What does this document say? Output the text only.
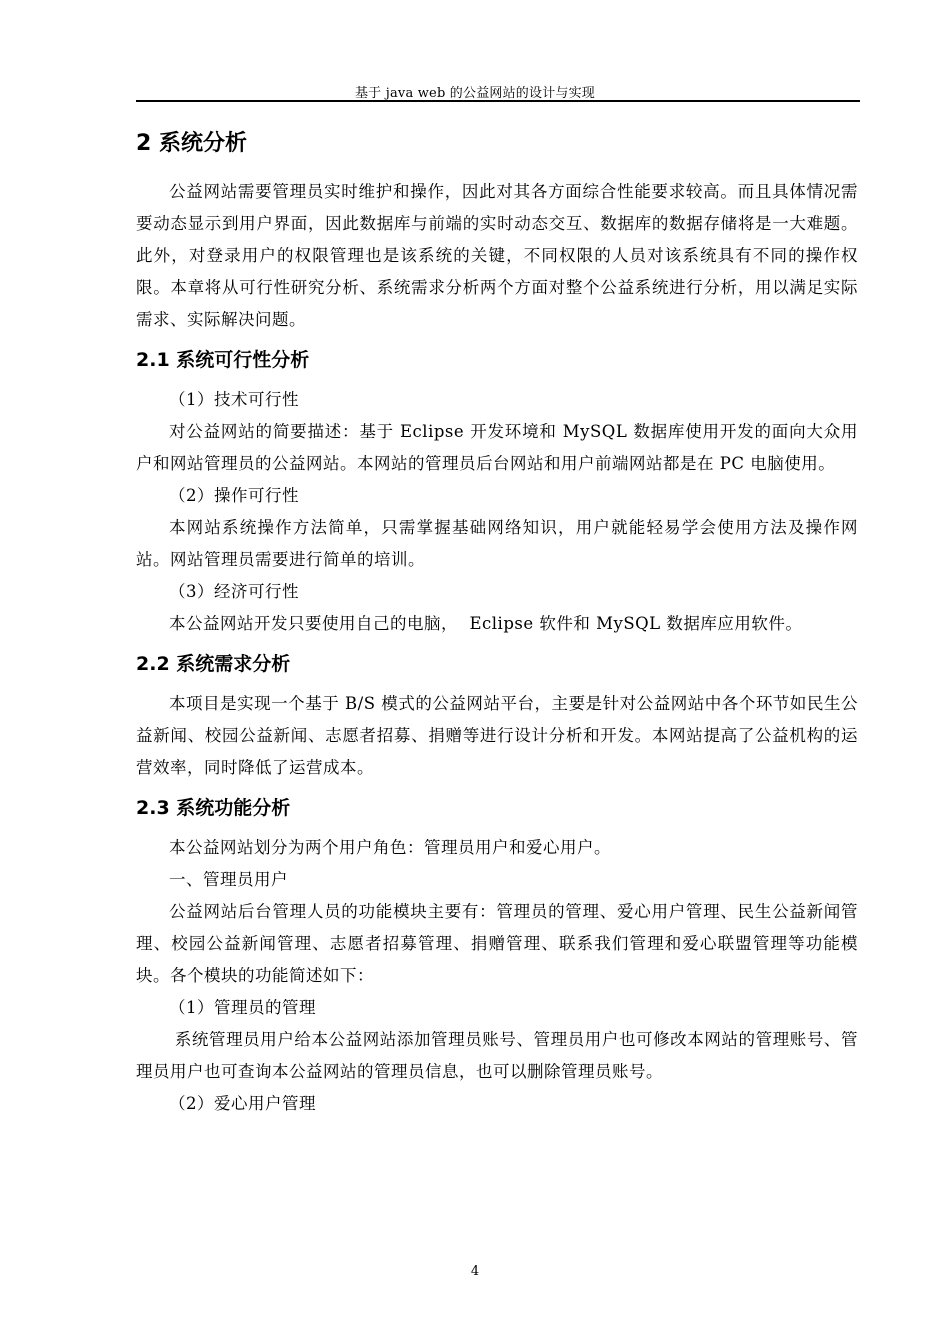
基于 java web 的公益网站的设计与实现
2 系统分析

公益网站需要管理员实时维护和操作，因此对其各方面综合性能要求较高。而且具体情况需要动态显示到用户界面，因此数据库与前端的实时动态交互、数据库的数据存储将是一大难题。此外，对登录用户的权限管理也是该系统的关键，不同权限的人员对该系统具有不同的操作权限。本章将从可行性研究分析、系统需求分析两个方面对整个公益系统进行分析，用以满足实际需求、实际解决问题。

2.1 系统可行性分析

（1）技术可行性

对公益网站的简要描述：基于 Eclipse 开发环境和 MySQL 数据库使用开发的面向大众用户和网站管理员的公益网站。本网站的管理员后台网站和用户前端网站都是在 PC 电脑使用。

（2）操作可行性

本网站系统操作方法简单，只需掌握基础网络知识，用户就能轻易学会使用方法及操作网站。网站管理员需要进行简单的培训。

（3）经济可行性

本公益网站开发只要使用自己的电脑，  Eclipse 软件和 MySQL 数据库应用软件。

2.2 系统需求分析

本项目是实现一个基于 B/S 模式的公益网站平台，主要是针对公益网站中各个环节如民生公益新闻、校园公益新闻、志愿者招募、捐赠等进行设计分析和开发。本网站提高了公益机构的运营效率，同时降低了运营成本。

2.3 系统功能分析

本公益网站划分为两个用户角色：管理员用户和爱心用户。

一、管理员用户

公益网站后台管理人员的功能模块主要有：管理员的管理、爱心用户管理、民生公益新闻管理、校园公益新闻管理、志愿者招募管理、捐赠管理、联系我们管理和爱心联盟管理等功能模块。各个模块的功能简述如下：

（1）管理员的管理

系统管理员用户给本公益网站添加管理员账号、管理员用户也可修改本网站的管理账号、管理员用户也可查询本公益网站的管理员信息，也可以删除管理员账号。

（2）爱心用户管理

4
